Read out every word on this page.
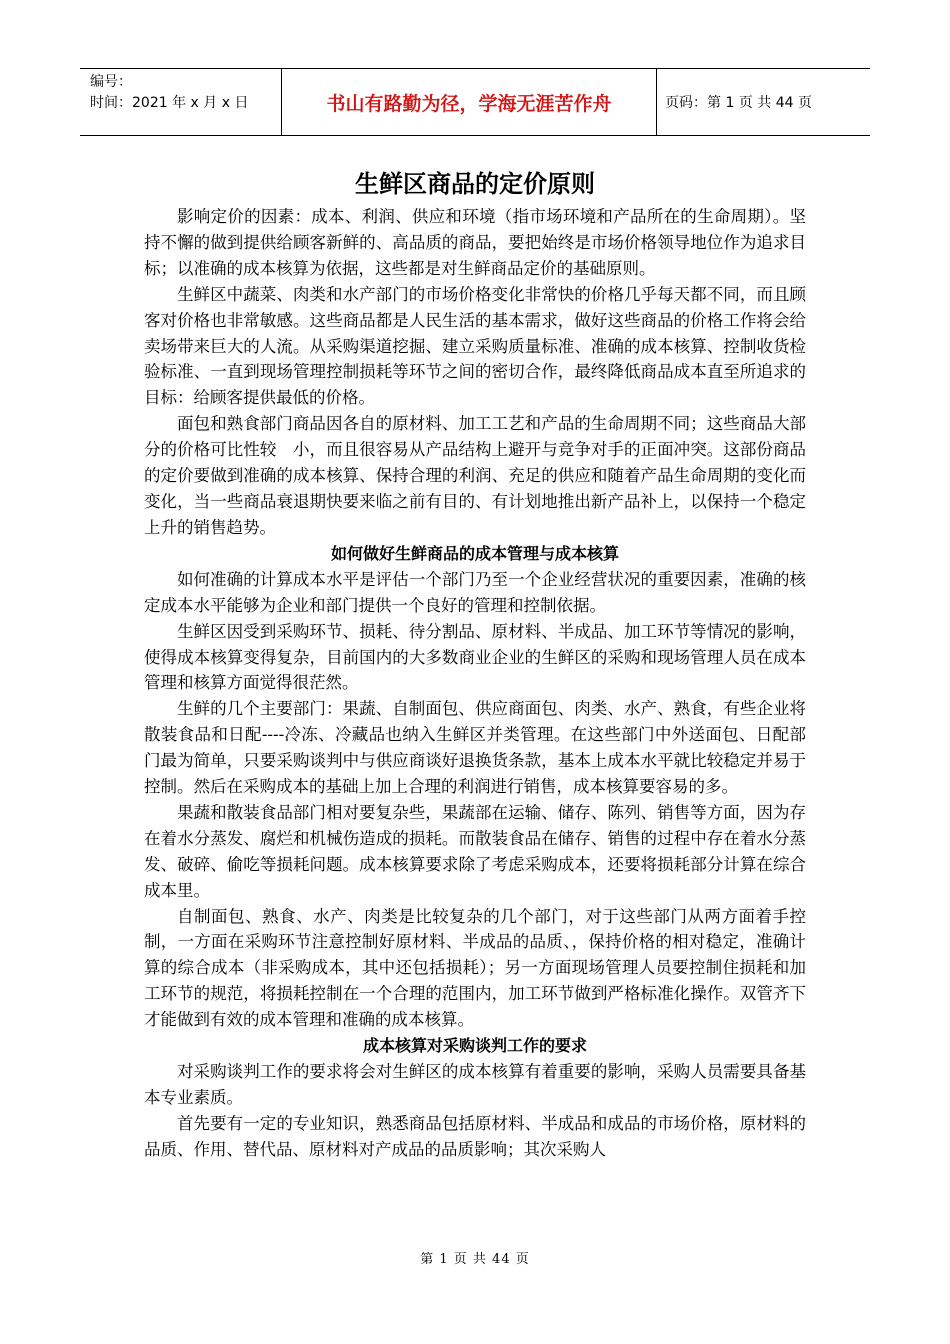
编号：
时间：2021 年 x 月 x 日	书山有路勤为径，学海无涯苦作舟	页码：第 1 页 共 44 页
生鲜区商品的定价原则

影响定价的因素：成本、利润、供应和环境（指市场环境和产品所在的生命周期）。坚持不懈的做到提供给顾客新鲜的、高品质的商品，要把始终是市场价格领导地位作为追求目标；以准确的成本核算为依据，这些都是对生鲜商品定价的基础原则。

生鲜区中蔬菜、肉类和水产部门的市场价格变化非常快的价格几乎每天都不同，而且顾客对价格也非常敏感。这些商品都是人民生活的基本需求，做好这些商品的价格工作将会给卖场带来巨大的人流。从采购渠道挖掘、建立采购质量标准、准确的成本核算、控制收货检验标准、一直到现场管理控制损耗等环节之间的密切合作，最终降低商品成本直至所追求的目标：给顾客提供最低的价格。

面包和熟食部门商品因各自的原材料、加工工艺和产品的生命周期不同；这些商品大部分的价格可比性较　小，而且很容易从产品结构上避开与竞争对手的正面冲突。这部份商品的定价要做到准确的成本核算、保持合理的利润、充足的供应和随着产品生命周期的变化而变化，当一些商品衰退期快要来临之前有目的、有计划地推出新产品补上，以保持一个稳定上升的销售趋势。

如何做好生鲜商品的成本管理与成本核算

如何准确的计算成本水平是评估一个部门乃至一个企业经营状况的重要因素，准确的核定成本水平能够为企业和部门提供一个良好的管理和控制依据。

生鲜区因受到采购环节、损耗、待分割品、原材料、半成品、加工环节等情况的影响，使得成本核算变得复杂，目前国内的大多数商业企业的生鲜区的采购和现场管理人员在成本管理和核算方面觉得很茫然。

生鲜的几个主要部门：果蔬、自制面包、供应商面包、肉类、水产、熟食，有些企业将散装食品和日配----冷冻、冷藏品也纳入生鲜区并类管理。在这些部门中外送面包、日配部门最为简单，只要采购谈判中与供应商谈好退换货条款，基本上成本水平就比较稳定并易于控制。然后在采购成本的基础上加上合理的利润进行销售，成本核算要容易的多。

果蔬和散装食品部门相对要复杂些，果蔬部在运输、储存、陈列、销售等方面，因为存在着水分蒸发、腐烂和机械伤造成的损耗。而散装食品在储存、销售的过程中存在着水分蒸发、破碎、偷吃等损耗问题。成本核算要求除了考虑采购成本，还要将损耗部分计算在综合成本里。

自制面包、熟食、水产、肉类是比较复杂的几个部门，对于这些部门从两方面着手控制，一方面在采购环节注意控制好原材料、半成品的品质、，保持价格的相对稳定，准确计算的综合成本（非采购成本，其中还包括损耗）；另一方面现场管理人员要控制住损耗和加工环节的规范，将损耗控制在一个合理的范围内，加工环节做到严格标准化操作。双管齐下才能做到有效的成本管理和准确的成本核算。

成本核算对采购谈判工作的要求

对采购谈判工作的要求将会对生鲜区的成本核算有着重要的影响，采购人员需要具备基本专业素质。

首先要有一定的专业知识，熟悉商品包括原材料、半成品和成品的市场价格，原材料的品质、作用、替代品、原材料对产成品的品质影响；其次采购人

第 1 页 共 44 页
